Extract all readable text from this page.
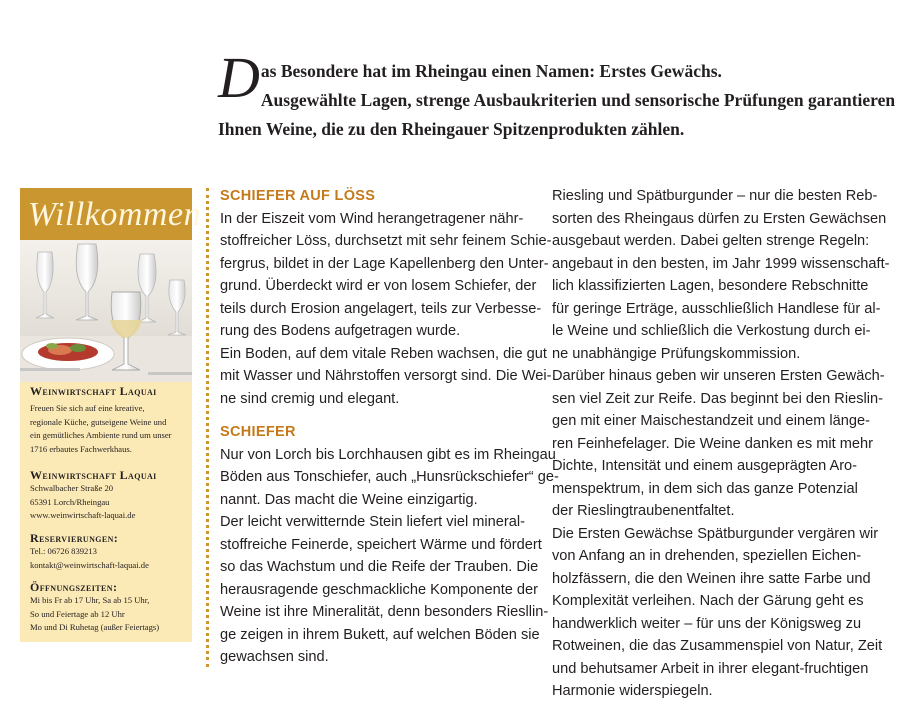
D as Besondere hat im Rheingau einen Namen: Erstes Gewächs.
Ausgewählte Lagen, strenge Ausbaukriterien und sensorische Prüfungen garantieren
Ihnen Weine, die zu den Rheingauer Spitzenprodukten zählen.
Willkommen
Weinwirtschaft Laquai
Freuen Sie sich auf eine kreative,
regionale Küche, gutseigene Weine und
ein gemütliches Ambiente rund um unser
1716 erbautes Fachwerkhaus.
Weinwirtschaft Laquai
Schwalbacher Straße 20
65391 Lorch/Rheingau
www.weinwirtschaft-laquai.de
Reservierungen:
Tel.: 06726 839213
kontakt@weinwirtschaft-laquai.de
Öffnungszeiten:
Mi bis Fr ab 17 Uhr, Sa ab 15 Uhr,
So und Feiertage ab 12 Uhr
Mo und Di Ruhetag (außer Feiertags)
SCHIEFER AUF LÖSS
In der Eiszeit vom Wind herangetragener nähr-
stoffreicher Löss, durchsetzt mit sehr feinem Schie-
fergrus, bildet in der Lage Kapellenberg den Unter-
grund. Überdeckt wird er von losem Schiefer, der
teils durch Erosion angelagert, teils zur Verbesse-
rung des Bodens aufgetragen wurde.
Ein Boden, auf dem vitale Reben wachsen, die gut
mit Wasser und Nährstoffen versorgt sind. Die Wei-
ne sind cremig und elegant.
SCHIEFER
Nur von Lorch bis Lorchhausen gibt es im Rheingau
Böden aus Tonschiefer, auch „Hunsrückschiefer“ ge-
nannt. Das macht die Weine einzigartig.
Der leicht verwitternde Stein liefert viel mineral-
stoffreiche Feinerde, speichert Wärme und fördert
so das Wachstum und die Reife der Trauben. Die
herausragende geschmackliche Komponente der
Weine ist ihre Mineralität, denn besonders Riesllin-
ge zeigen in ihrem Bukett, auf welchen Böden sie
gewachsen sind.
Riesling und Spätburgunder – nur die besten Reb-
sorten des Rheingaus dürfen zu Ersten Gewächsen
ausgebaut werden. Dabei gelten strenge Regeln:
angebaut in den besten, im Jahr 1999 wissenschaft-
lich klassifizierten Lagen, besondere Rebschnitte
für geringe Erträge, ausschließlich Handlese für al-
le Weine und schließlich die Verkostung durch ei-
ne unabhängige Prüfungskommission.
Darüber hinaus geben wir unseren Ersten Gewäch-
sen viel Zeit zur Reife. Das beginnt bei den Rieslin-
gen mit einer Maischestandzeit und einem länge-
ren Feinhefelager. Die Weine danken es mit mehr
Dichte, Intensität und einem ausgeprägten Aro-
menspektrum, in dem sich das ganze Potenzial
der Rieslingtraubenentfaltet.
Die Ersten Gewächse Spätburgunder vergären wir
von Anfang an in drehenden, speziellen Eichen-
holzfässern, die den Weinen ihre satte Farbe und
Komplexität verleihen. Nach der Gärung geht es
handwerklich weiter – für uns der Königsweg zu
Rotweinen, die das Zusammenspiel von Natur, Zeit
und behutsamer Arbeit in ihrer elegant-fruchtigen
Harmonie widerspiegeln.
